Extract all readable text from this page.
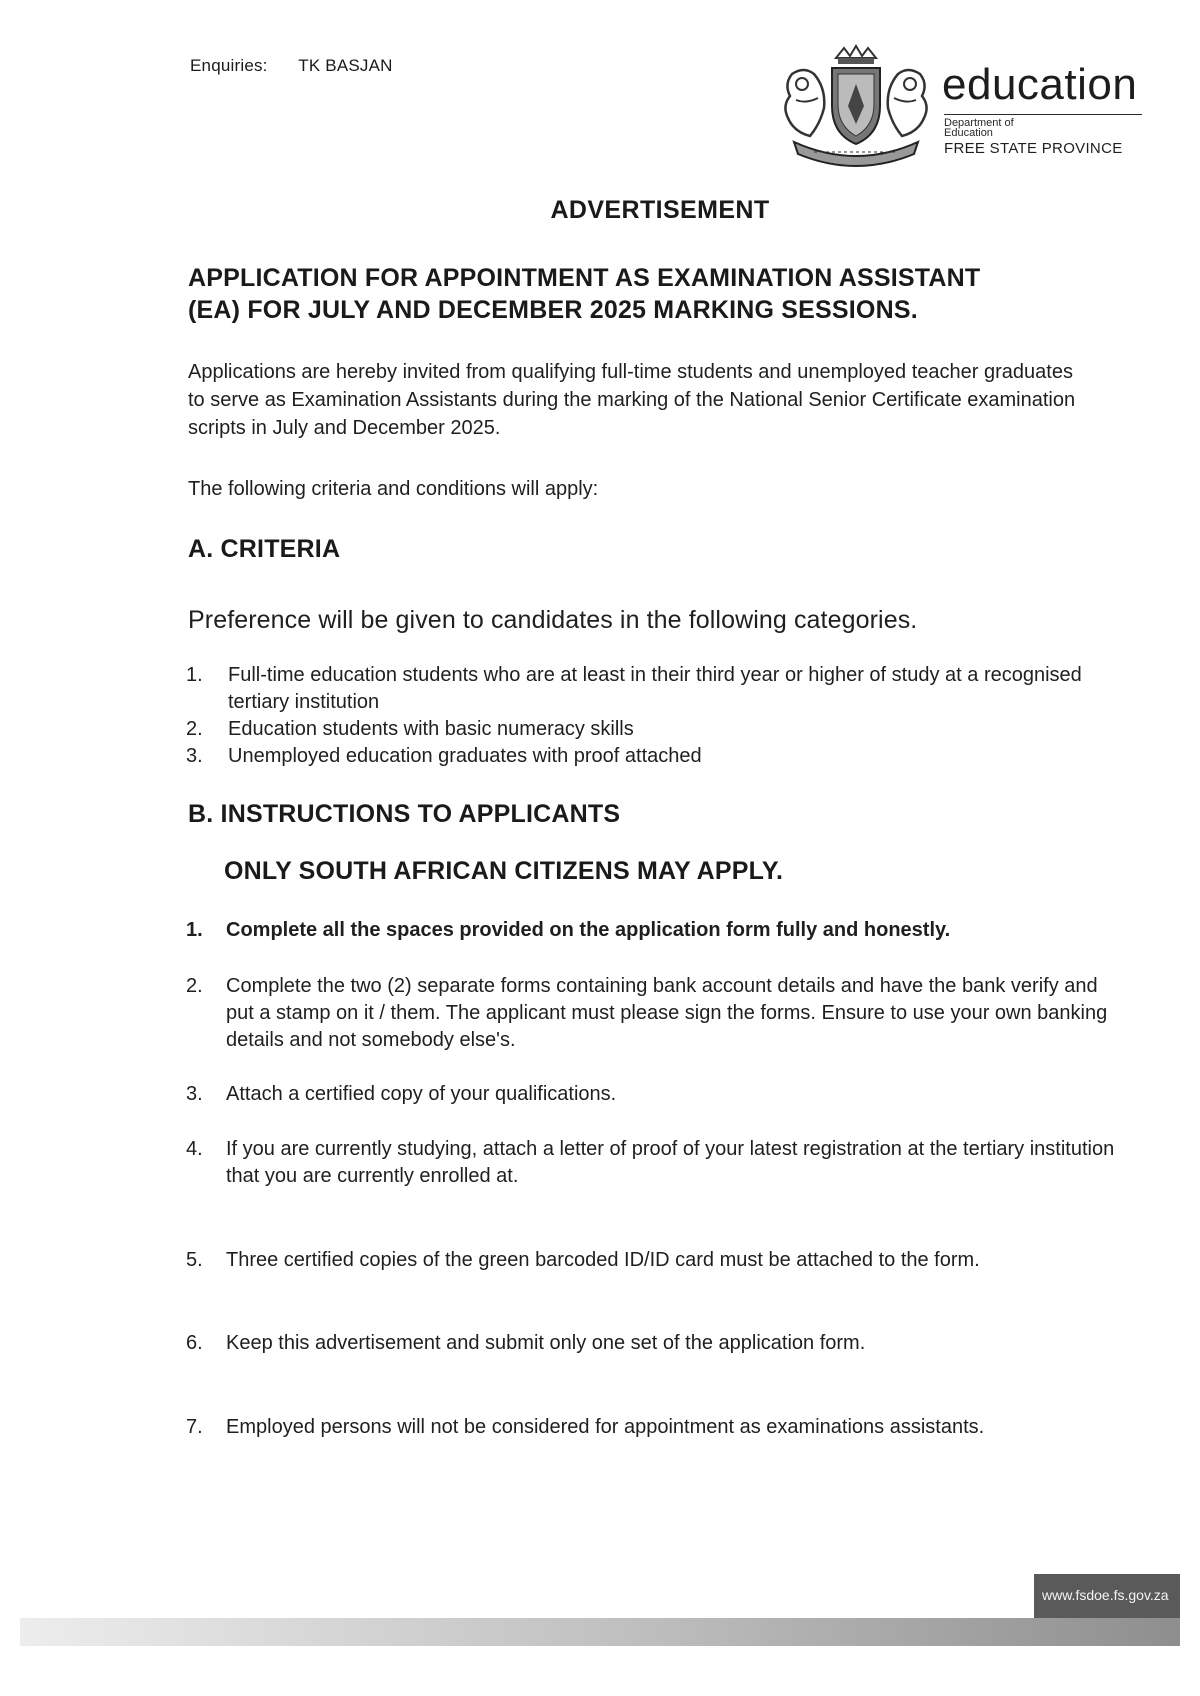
Enquiries: TK BASJAN	education
Department of
Education
FREE STATE PROVINCE
ADVERTISEMENT
APPLICATION FOR APPOINTMENT AS EXAMINATION ASSISTANT
(EA) FOR JULY AND DECEMBER 2025 MARKING SESSIONS.
Applications are hereby invited from qualifying full-time students and unemployed teacher graduates to serve as Examination Assistants during the marking of the National Senior Certificate examination scripts in July and December 2025.
The following criteria and conditions will apply:
A. CRITERIA
Preference will be given to candidates in the following categories.
1. Full-time education students who are at least in their third year or higher of study at a recognised tertiary institution
2. Education students with basic numeracy skills
3. Unemployed education graduates with proof attached
B. INSTRUCTIONS TO APPLICANTS
ONLY SOUTH AFRICAN CITIZENS MAY APPLY.
1. Complete all the spaces provided on the application form fully and honestly.
2. Complete the two (2) separate forms containing bank account details and have the bank verify and put a stamp on it / them. The applicant must please sign the forms. Ensure to use your own banking details and not somebody else's.
3. Attach a certified copy of your qualifications.
4. If you are currently studying, attach a letter of proof of your latest registration at the tertiary institution that you are currently enrolled at.
5. Three certified copies of the green barcoded ID/ID card must be attached to the form.
6. Keep this advertisement and submit only one set of the application form.
7. Employed persons will not be considered for appointment as examinations assistants.
www.fsdoe.fs.gov.za
